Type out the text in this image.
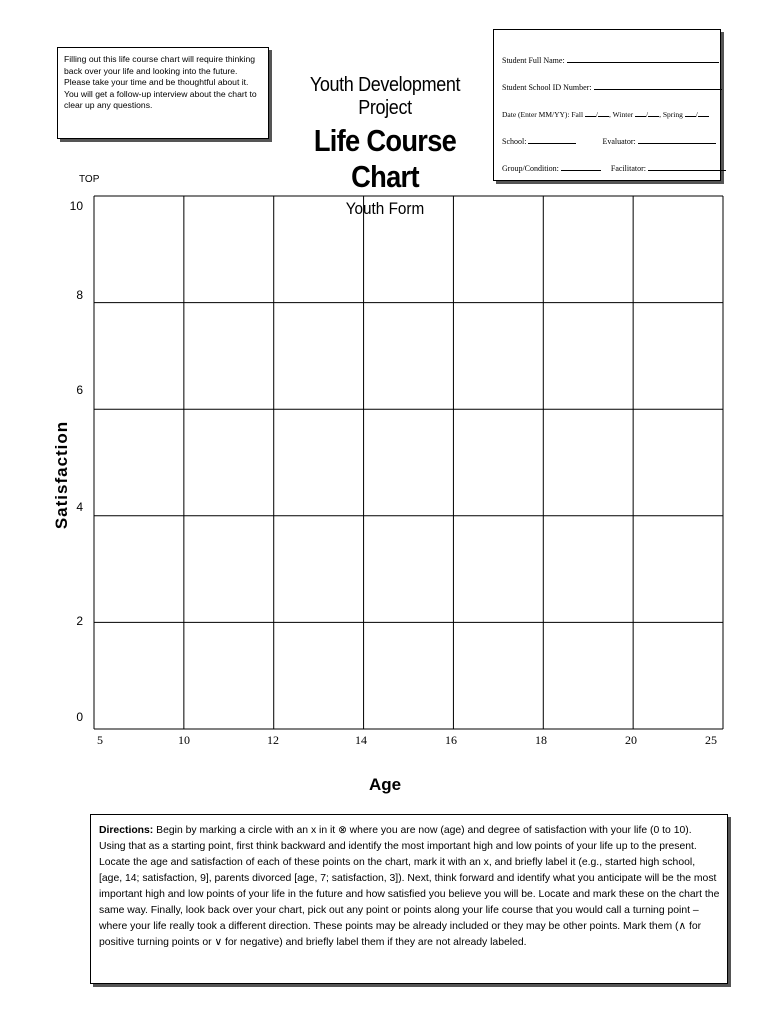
Filling out this life course chart will require thinking back over your life and looking into the future. Please take your time and be thoughtful about it. You will get a follow-up interview about the chart to clear up any questions.
Youth Development Project
Life Course Chart
Youth Form
Student Full Name:
Student School ID Number:
Date (Enter MM/YY): Fall / , Winter / , Spring /
School:	Evaluator:
Group/Condition:	Facilitator:
TOP
10
8
6
4
2
0
5	10	12	14	16	18	20	25
Satisfaction
Age
Directions: Begin by marking a circle with an x in it ⊗ where you are now (age) and degree of satisfaction with your life (0 to 10). Using that as a starting point, first think backward and identify the most important high and low points of your life up to the present. Locate the age and satisfaction of each of these points on the chart, mark it with an x, and briefly label it (e.g., started high school, [age, 14; satisfaction, 9], parents divorced [age, 7; satisfaction, 3]). Next, think forward and identify what you anticipate will be the most important high and low points of your life in the future and how satisfied you believe you will be. Locate and mark these on the chart the same way. Finally, look back over your chart, pick out any point or points along your life course that you would call a turning point – where your life really took a different direction. These points may be already included or they may be other points. Mark them (∧ for positive turning points or ∨ for negative) and briefly label them if they are not already labeled.
